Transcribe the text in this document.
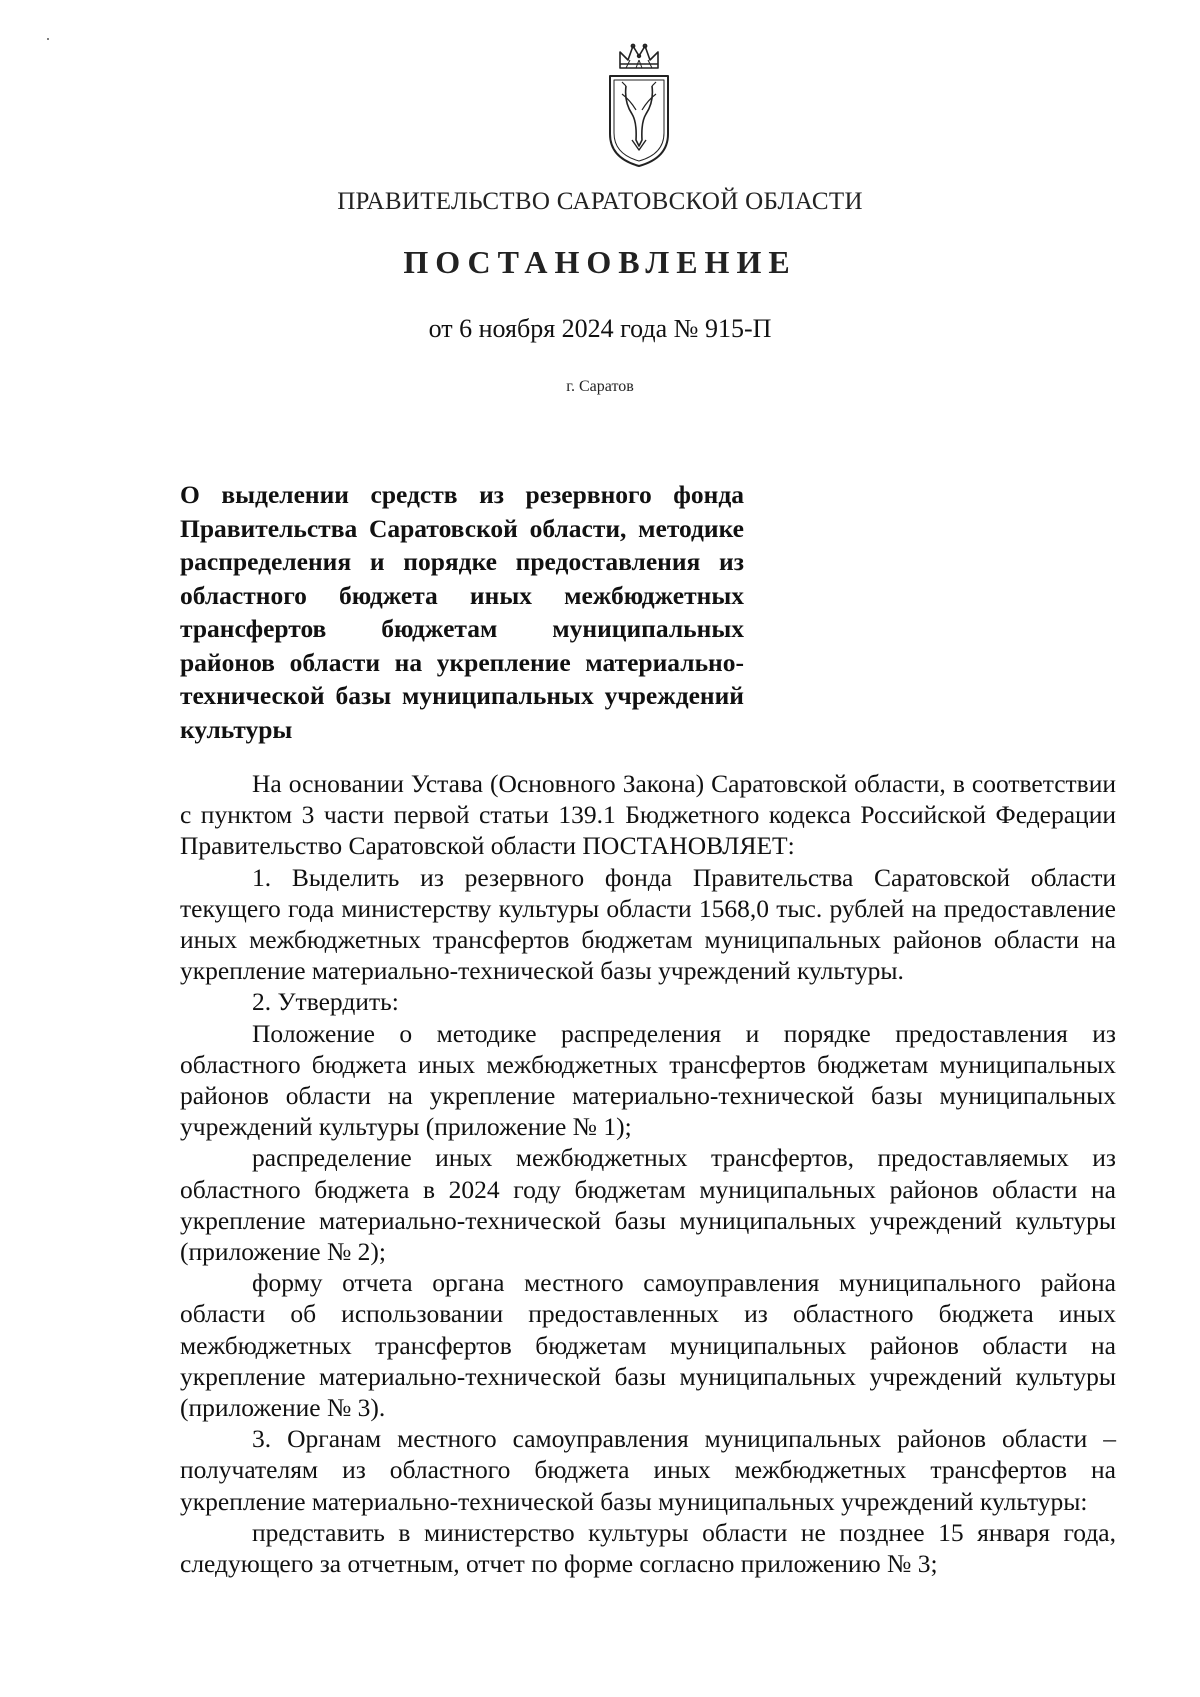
ПРАВИТЕЛЬСТВО САРАТОВСКОЙ ОБЛАСТИ
ПОСТАНОВЛЕНИЕ
от 6 ноября 2024 года № 915-П
г. Саратов
О выделении средств из резервного фонда Правительства Саратовской области, методике распределения и порядке предоставления из областного бюджета иных межбюджетных трансфертов бюджетам муниципальных районов области на укрепление материально-технической базы муниципальных учреждений культуры

На основании Устава (Основного Закона) Саратовской области, в соответствии с пунктом 3 части первой статьи 139.1 Бюджетного кодекса Российской Федерации Правительство Саратовской области ПОСТАНОВЛЯЕТ:

1. Выделить из резервного фонда Правительства Саратовской области текущего года министерству культуры области 1568,0 тыс. рублей на предоставление иных межбюджетных трансфертов бюджетам муниципальных районов области на укрепление материально-технической базы учреждений культуры.

2. Утвердить:

Положение о методике распределения и порядке предоставления из областного бюджета иных межбюджетных трансфертов бюджетам муниципальных районов области на укрепление материально-технической базы муниципальных учреждений культуры (приложение № 1);

распределение иных межбюджетных трансфертов, предоставляемых из областного бюджета в 2024 году бюджетам муниципальных районов области на укрепление материально-технической базы муниципальных учреждений культуры (приложение № 2);

форму отчета органа местного самоуправления муниципального района области об использовании предоставленных из областного бюджета иных межбюджетных трансфертов бюджетам муниципальных районов области на укрепление материально-технической базы муниципальных учреждений культуры (приложение № 3).

3. Органам местного самоуправления муниципальных районов области – получателям из областного бюджета иных межбюджетных трансфертов на укрепление материально-технической базы муниципальных учреждений культуры:

представить в министерство культуры области не позднее 15 января года, следующего за отчетным, отчет по форме согласно приложению № 3;
